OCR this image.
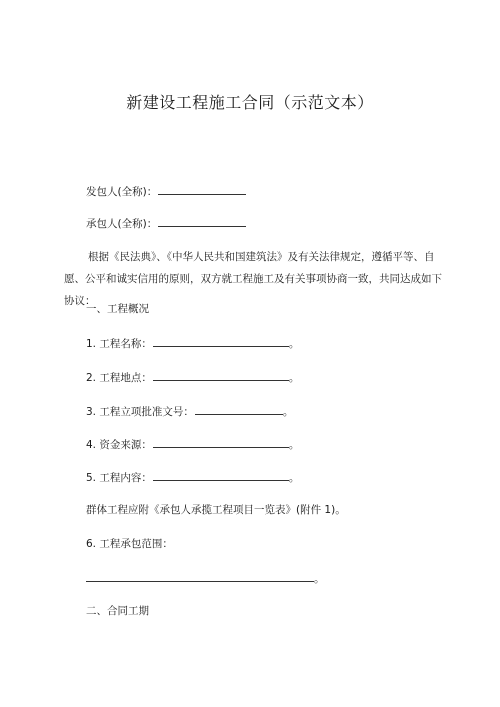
新建设工程施工合同（示范文本）
发包人(全称)：
承包人(全称)：
根据《民法典》、《中华人民共和国建筑法》及有关法律规定，遵循平等、自愿、公平和诚实信用的原则，双方就工程施工及有关事项协商一致，共同达成如下协议：
一、工程概况
1. 工程名称：	。
2. 工程地点：	。
3. 工程立项批准文号：	。
4. 资金来源：	。
5. 工程内容：	。
群体工程应附《承包人承揽工程项目一览表》(附件 1)。
6. 工程承包范围：
。
二、合同工期
